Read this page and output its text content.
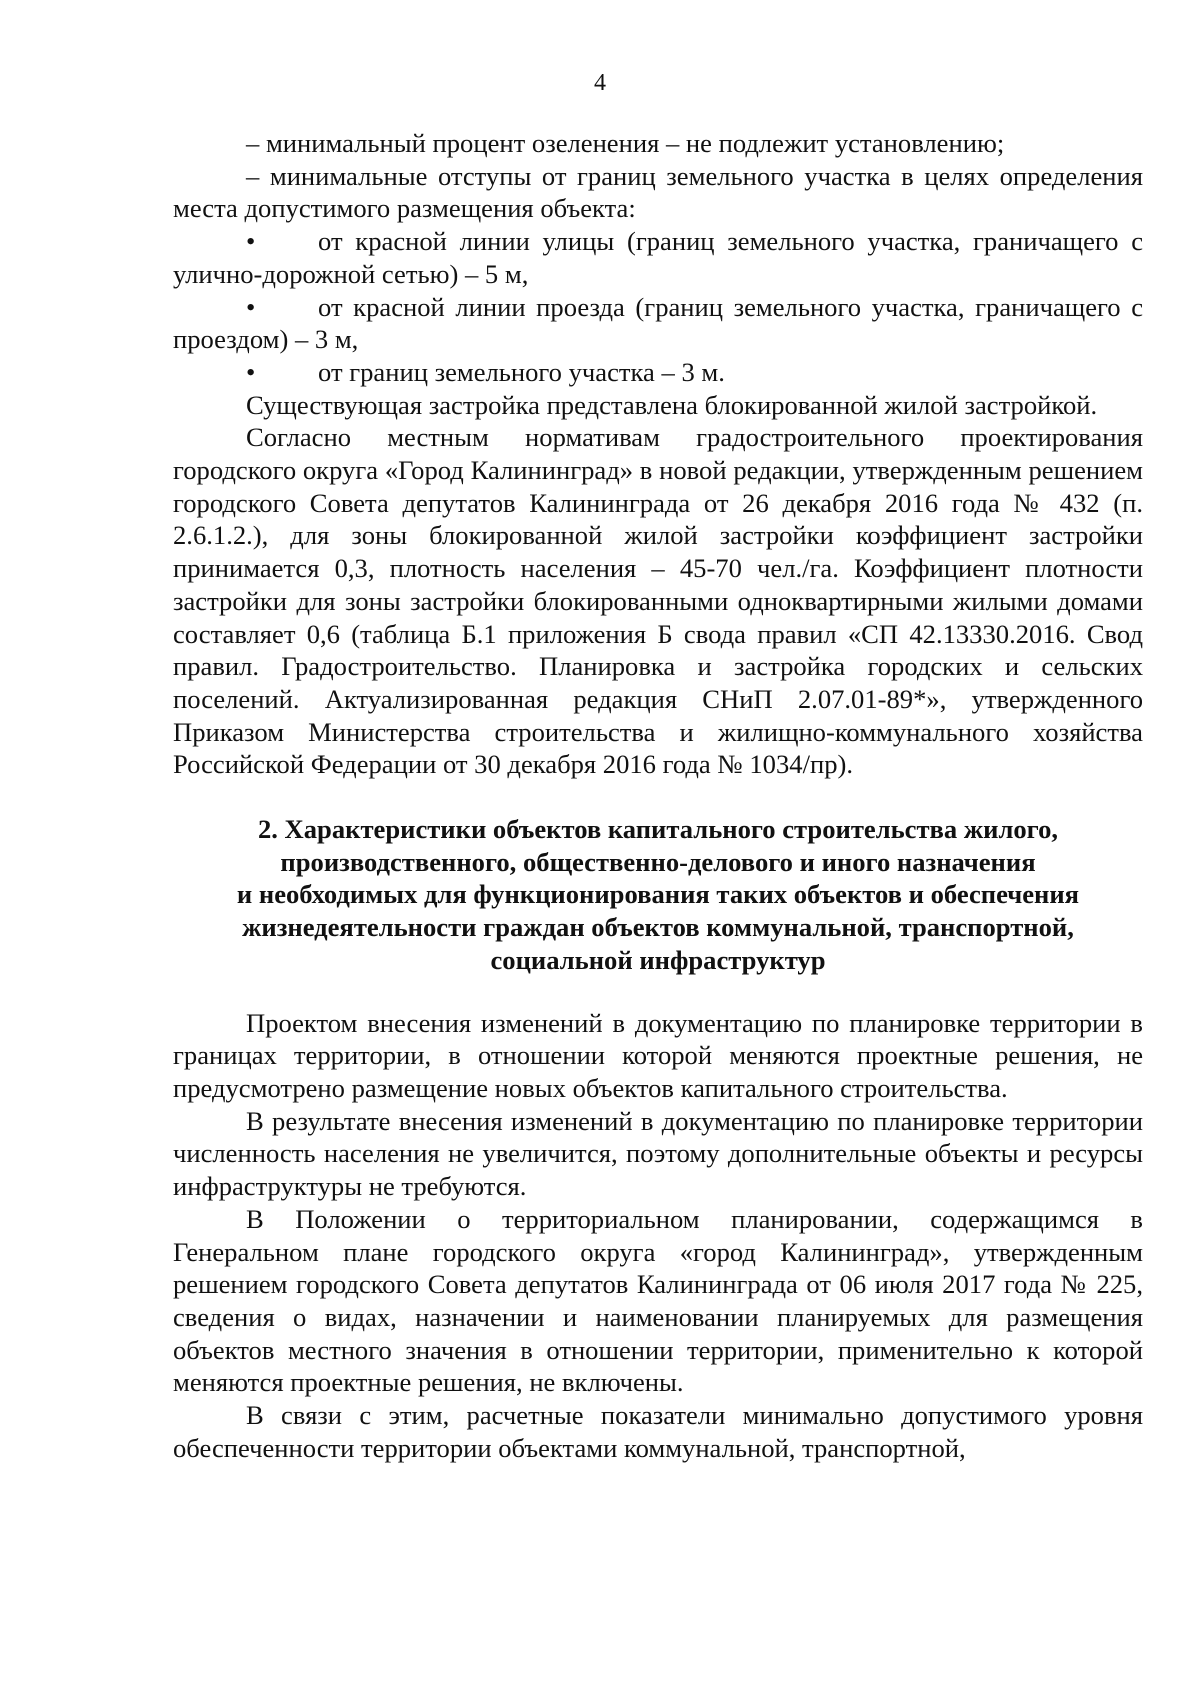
4

– минимальный процент озеленения – не подлежит установлению;

– минимальные отступы от границ земельного участка в целях определения места допустимого размещения объекта:

• от красной линии улицы (границ земельного участка, граничащего с улично-дорожной сетью) – 5 м,

• от красной линии проезда (границ земельного участка, граничащего с проездом) – 3 м,

• от границ земельного участка – 3 м.

Существующая застройка представлена блокированной жилой застройкой.

Согласно местным нормативам градостроительного проектирования городского округа «Город Калининград» в новой редакции, утвержденным решением городского Совета депутатов Калининграда от 26 декабря 2016 года № 432 (п. 2.6.1.2.), для зоны блокированной жилой застройки коэффициент застройки принимается 0,3, плотность населения – 45-70 чел./га. Коэффициент плотности застройки для зоны застройки блокированными одноквартирными жилыми домами составляет 0,6 (таблица Б.1 приложения Б свода правил «СП 42.13330.2016. Свод правил. Градостроительство. Планировка и застройка городских и сельских поселений. Актуализированная редакция СНиП 2.07.01-89*», утвержденного Приказом Министерства строительства и жилищно-коммунального хозяйства Российской Федерации от 30 декабря 2016 года № 1034/пр).

2. Характеристики объектов капитального строительства жилого,
производственного, общественно-делового и иного назначения
и необходимых для функционирования таких объектов и обеспечения
жизнедеятельности граждан объектов коммунальной, транспортной,
социальной инфраструктур

Проектом внесения изменений в документацию по планировке территории в границах территории, в отношении которой меняются проектные решения, не предусмотрено размещение новых объектов капитального строительства.

В результате внесения изменений в документацию по планировке территории численность населения не увеличится, поэтому дополнительные объекты и ресурсы инфраструктуры не требуются.

В Положении о территориальном планировании, содержащимся в Генеральном плане городского округа «город Калининград», утвержденным решением городского Совета депутатов Калининграда от 06 июля 2017 года № 225, сведения о видах, назначении и наименовании планируемых для размещения объектов местного значения в отношении территории, применительно к которой меняются проектные решения, не включены.

В связи с этим, расчетные показатели минимально допустимого уровня обеспеченности территории объектами коммунальной, транспортной,
